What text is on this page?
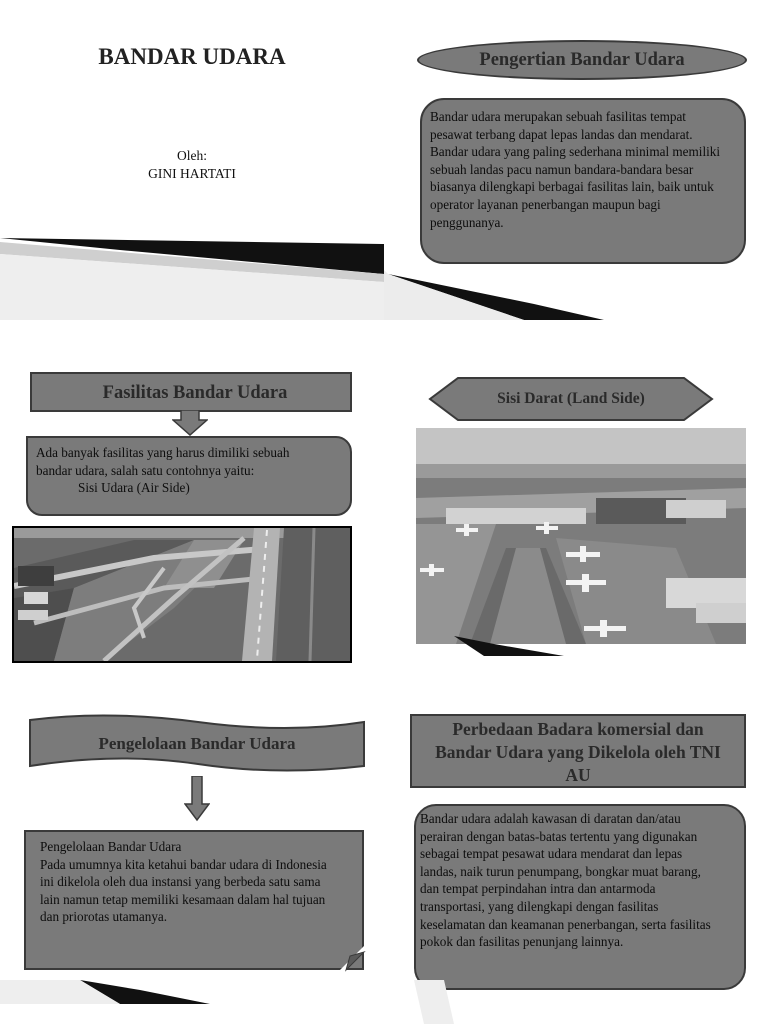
BANDAR UDARA
Oleh:
GINI HARTATI
Pengertian Bandar Udara
Bandar udara merupakan sebuah fasilitas tempat
pesawat terbang dapat lepas landas dan mendarat.
Bandar udara yang paling sederhana minimal memiliki
sebuah landas pacu namun bandara-bandara besar
biasanya dilengkapi berbagai fasilitas lain, baik untuk
operator layanan penerbangan maupun bagi
penggunanya.
Fasilitas Bandar Udara
Ada banyak fasilitas yang harus dimiliki sebuah
bandar udara, salah satu contohnya yaitu:
Sisi Udara (Air Side)
Sisi Darat (Land Side)
Pengelolaan Bandar Udara
Pengelolaan Bandar Udara
Pada umumnya kita ketahui bandar udara di Indonesia
ini dikelola oleh dua instansi yang berbeda satu sama
lain namun tetap memiliki kesamaan dalam hal tujuan
dan priorotas utamanya.
Perbedaan Badara komersial dan
Bandar Udara yang Dikelola oleh TNI
AU
Bandar udara adalah kawasan di daratan dan/atau
perairan dengan batas-batas tertentu yang digunakan
sebagai tempat pesawat udara mendarat dan lepas
landas, naik turun penumpang, bongkar muat barang,
dan tempat perpindahan intra dan antarmoda
transportasi, yang dilengkapi dengan fasilitas
keselamatan dan keamanan penerbangan, serta fasilitas
pokok dan fasilitas penunjang lainnya.
